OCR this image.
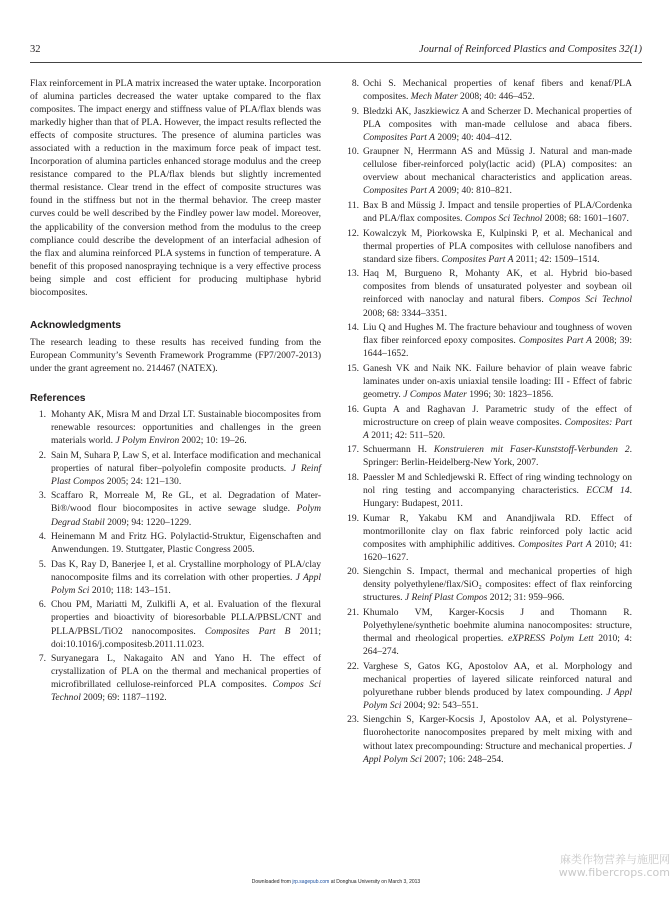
32	Journal of Reinforced Plastics and Composites 32(1)

Flax reinforcement in PLA matrix increased the water uptake. Incorporation of alumina particles decreased the water uptake compared to the flax composites. The impact energy and stiffness value of PLA/flax blends was markedly higher than that of PLA. However, the impact results reflected the effects of composite structures. The presence of alumina particles was associated with a reduction in the maximum force peak of impact test. Incorporation of alumina particles enhanced storage modulus and the creep resistance compared to the PLA/flax blends but slightly incremented thermal resistance. Clear trend in the effect of composite structures was found in the stiffness but not in the thermal behavior. The creep master curves could be well described by the Findley power law model. Moreover, the applicability of the conversion method from the modulus to the creep compliance could describe the development of an interfacial adhesion of the flax and alumina reinforced PLA systems in function of temperature. A benefit of this proposed nanospraying technique is a very effective process being simple and cost efficient for producing multiphase hybrid biocomposites.

Acknowledgments

The research leading to these results has received funding from the European Community’s Seventh Framework Programme (FP7/2007-2013) under the grant agreement no. 214467 (NATEX).

References

1. Mohanty AK, Misra M and Drzal LT. Sustainable biocomposites from renewable resources: opportunities and challenges in the green materials world. J Polym Environ 2002; 10: 19–26.
2. Sain M, Suhara P, Law S, et al. Interface modification and mechanical properties of natural fiber–polyolefin composite products. J Reinf Plast Compos 2005; 24: 121–130.
3. Scaffaro R, Morreale M, Re GL, et al. Degradation of Mater-Bi®/wood flour biocomposites in active sewage sludge. Polym Degrad Stabil 2009; 94: 1220–1229.
4. Heinemann M and Fritz HG. Polylactid-Struktur, Eigenschaften and Anwendungen. 19. Stuttgater, Plastic Congress 2005.
5. Das K, Ray D, Banerjee I, et al. Crystalline morphology of PLA/clay nanocomposite films and its correlation with other properties. J Appl Polym Sci 2010; 118: 143–151.
6. Chou PM, Mariatti M, Zulkifli A, et al. Evaluation of the flexural properties and bioactivity of bioresorbable PLLA/PBSL/CNT and PLLA/PBSL/TiO2 nanocomposites. Composites Part B 2011; doi:10.1016/j.compositesb.2011.11.023.
7. Suryanegara L, Nakagaito AN and Yano H. The effect of crystallization of PLA on the thermal and mechanical properties of microfibrillated cellulose-reinforced PLA composites. Compos Sci Technol 2009; 69: 1187–1192.
8. Ochi S. Mechanical properties of kenaf fibers and kenaf/PLA composites. Mech Mater 2008; 40: 446–452.
9. Bledzki AK, Jaszkiewicz A and Scherzer D. Mechanical properties of PLA composites with man-made cellulose and abaca fibers. Composites Part A 2009; 40: 404–412.
10. Graupner N, Herrmann AS and Müssig J. Natural and man-made cellulose fiber-reinforced poly(lactic acid) (PLA) composites: an overview about mechanical characteristics and application areas. Composites Part A 2009; 40: 810–821.
11. Bax B and Müssig J. Impact and tensile properties of PLA/Cordenka and PLA/flax composites. Compos Sci Technol 2008; 68: 1601–1607.
12. Kowalczyk M, Piorkowska E, Kulpinski P, et al. Mechanical and thermal properties of PLA composites with cellulose nanofibers and standard size fibers. Composites Part A 2011; 42: 1509–1514.
13. Haq M, Burgueno R, Mohanty AK, et al. Hybrid bio-based composites from blends of unsaturated polyester and soybean oil reinforced with nanoclay and natural fibers. Compos Sci Technol 2008; 68: 3344–3351.
14. Liu Q and Hughes M. The fracture behaviour and toughness of woven flax fiber reinforced epoxy composites. Composites Part A 2008; 39: 1644–1652.
15. Ganesh VK and Naik NK. Failure behavior of plain weave fabric laminates under on-axis uniaxial tensile loading: III - Effect of fabric geometry. J Compos Mater 1996; 30: 1823–1856.
16. Gupta A and Raghavan J. Parametric study of the effect of microstructure on creep of plain weave composites. Composites: Part A 2011; 42: 511–520.
17. Schuermann H. Konstruieren mit Faser-Kunststoff-Verbunden 2. Springer: Berlin-Heidelberg-New York, 2007.
18. Paessler M and Schledjewski R. Effect of ring winding technology on nol ring testing and accompanying characteristics. ECCM 14. Hungary: Budapest, 2011.
19. Kumar R, Yakabu KM and Anandjiwala RD. Effect of montmorillonite clay on flax fabric reinforced poly lactic acid composites with amphiphilic additives. Composites Part A 2010; 41: 1620–1627.
20. Siengchin S. Impact, thermal and mechanical properties of high density polyethylene/flax/SiO₂ composites: effect of flax reinforcing structures. J Reinf Plast Compos 2012; 31: 959–966.
21. Khumalo VM, Karger-Kocsis J and Thomann R. Polyethylene/synthetic boehmite alumina nanocomposites: structure, thermal and rheological properties. eXPRESS Polym Lett 2010; 4: 264–274.
22. Varghese S, Gatos KG, Apostolov AA, et al. Morphology and mechanical properties of layered silicate reinforced natural and polyurethane rubber blends produced by latex compounding. J Appl Polym Sci 2004; 92: 543–551.
23. Siengchin S, Karger-Kocsis J, Apostolov AA, et al. Polystyrene–fluorohectorite nanocomposites prepared by melt mixing with and without latex precompounding: Structure and mechanical properties. J Appl Polym Sci 2007; 106: 248–254.
麻类作物营养与施肥网
www.fibercrops.com
Downloaded from jrp.sagepub.com at Donghua University on March 3, 2013
